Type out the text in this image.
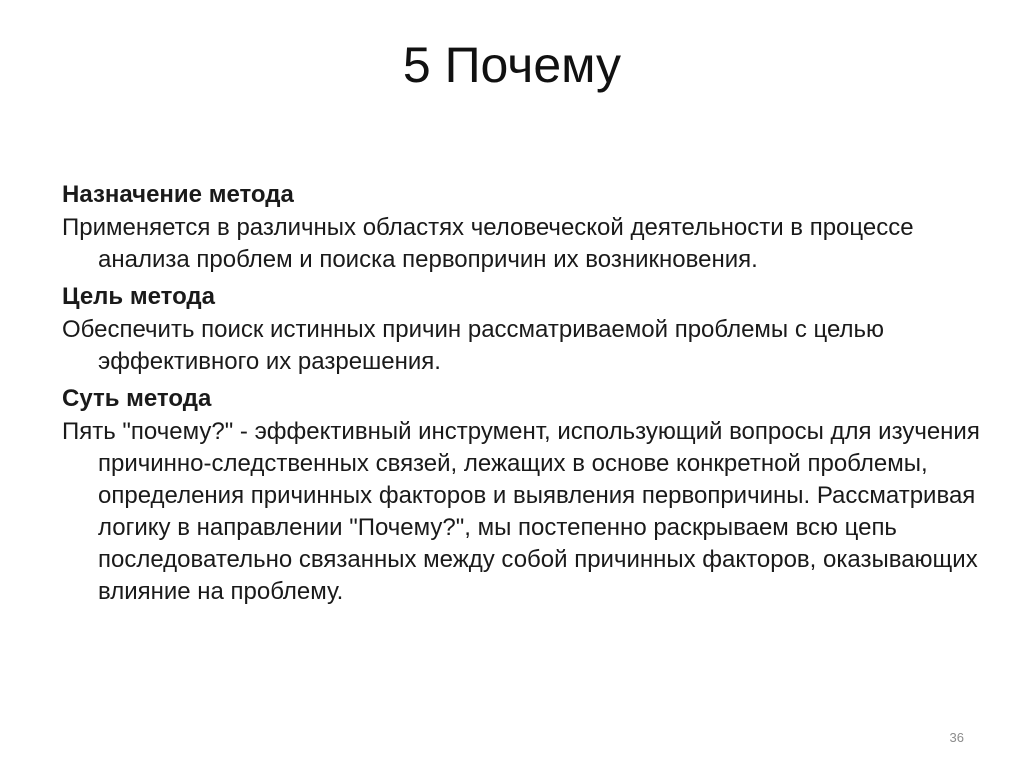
5 Почему
Назначение метода
Применяется в различных областях человеческой деятельности в процессе анализа проблем и поиска первопричин их возникновения.
Цель метода
Обеспечить поиск истинных причин рассматриваемой проблемы с целью эффективного их разрешения.
Суть метода
Пять "почему?" - эффективный инструмент, использующий вопросы для изучения причинно-следственных связей, лежащих в основе конкретной проблемы, определения причинных факторов и выявления первопричины. Рассматривая логику в направлении "Почему?", мы постепенно раскрываем всю цепь последовательно связанных между собой причинных факторов, оказывающих влияние на проблему.
36
